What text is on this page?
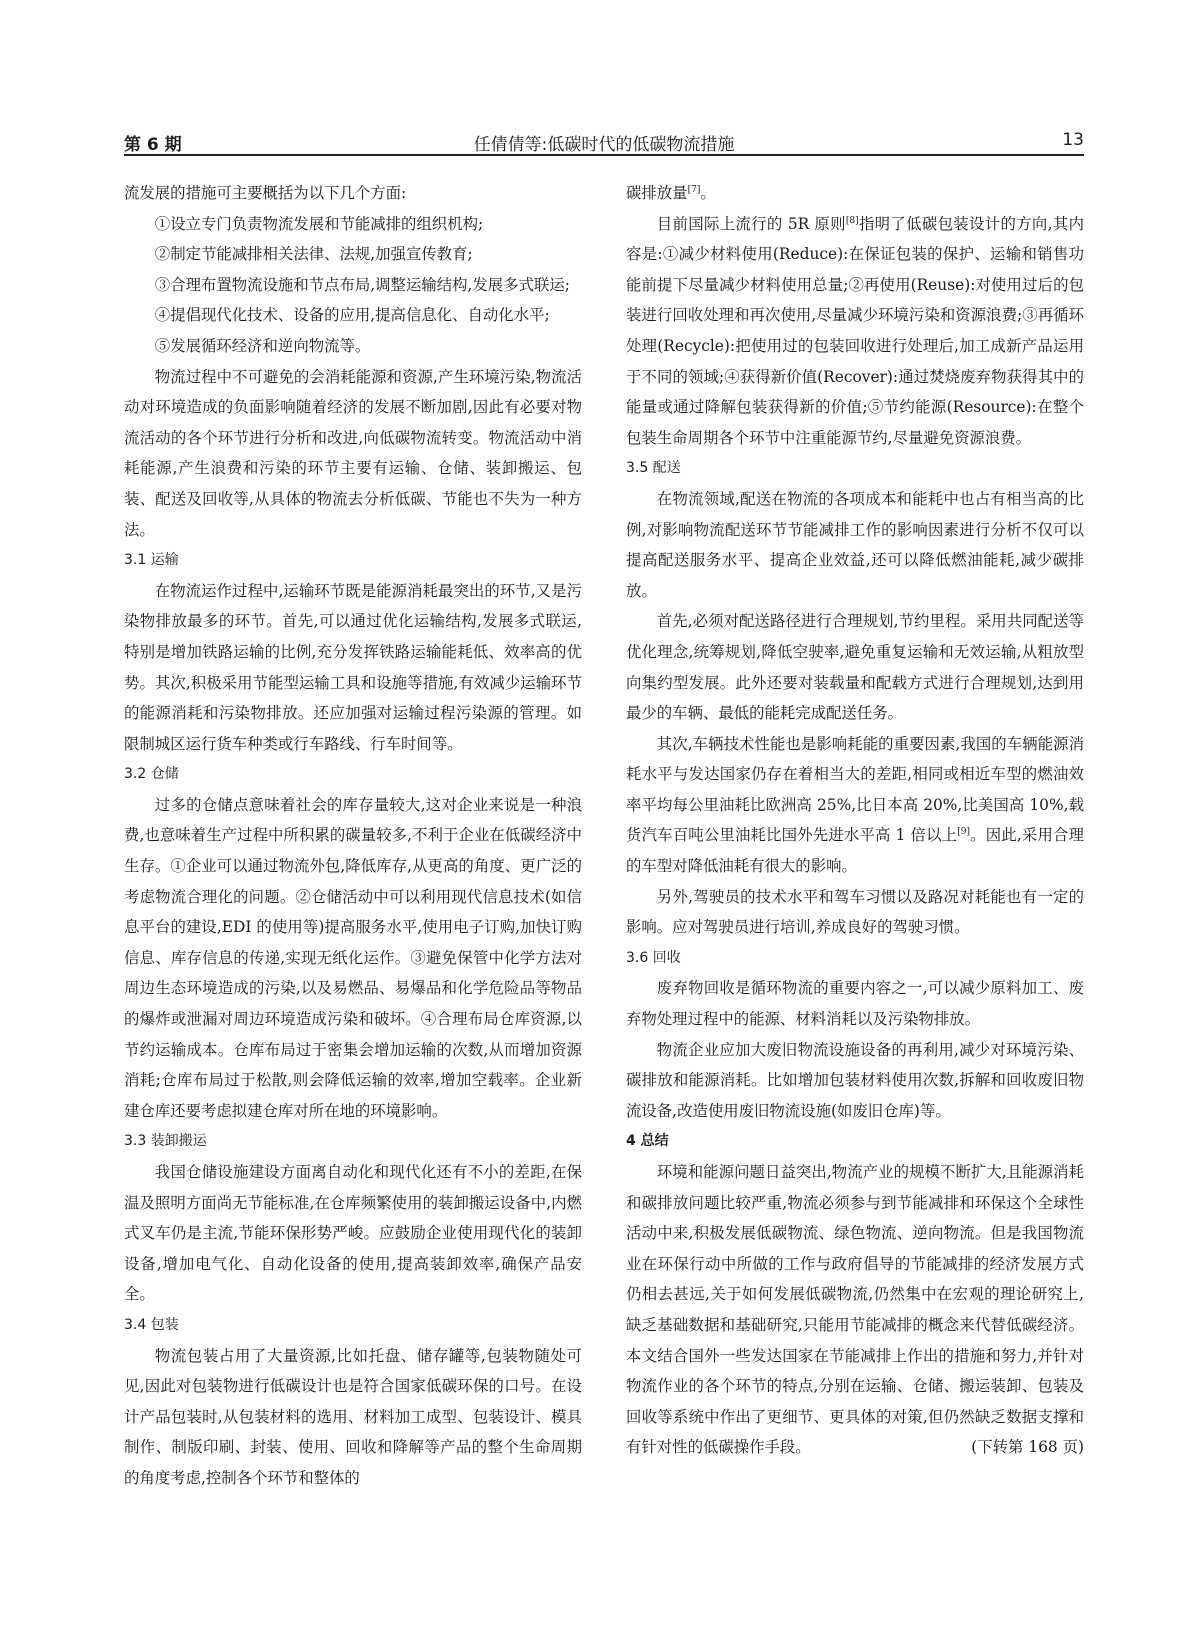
第 6 期	任倩倩等:低碳时代的低碳物流措施	13

流发展的措施可主要概括为以下几个方面:

①设立专门负责物流发展和节能减排的组织机构;

②制定节能减排相关法律、法规,加强宣传教育;

③合理布置物流设施和节点布局,调整运输结构,发展多式联运;

④提倡现代化技术、设备的应用,提高信息化、自动化水平;

⑤发展循环经济和逆向物流等。

物流过程中不可避免的会消耗能源和资源,产生环境污染,物流活动对环境造成的负面影响随着经济的发展不断加剧,因此有必要对物流活动的各个环节进行分析和改进,向低碳物流转变。物流活动中消耗能源,产生浪费和污染的环节主要有运输、仓储、装卸搬运、包装、配送及回收等,从具体的物流去分析低碳、节能也不失为一种方法。

3.1 运输

在物流运作过程中,运输环节既是能源消耗最突出的环节,又是污染物排放最多的环节。首先,可以通过优化运输结构,发展多式联运,特别是增加铁路运输的比例,充分发挥铁路运输能耗低、效率高的优势。其次,积极采用节能型运输工具和设施等措施,有效减少运输环节的能源消耗和污染物排放。还应加强对运输过程污染源的管理。如限制城区运行货车种类或行车路线、行车时间等。

3.2 仓储

过多的仓储点意味着社会的库存量较大,这对企业来说是一种浪费,也意味着生产过程中所积累的碳量较多,不利于企业在低碳经济中生存。①企业可以通过物流外包,降低库存,从更高的角度、更广泛的考虑物流合理化的问题。②仓储活动中可以利用现代信息技术(如信息平台的建设,EDI 的使用等)提高服务水平,使用电子订购,加快订购信息、库存信息的传递,实现无纸化运作。③避免保管中化学方法对周边生态环境造成的污染,以及易燃品、易爆品和化学危险品等物品的爆炸或泄漏对周边环境造成污染和破坏。④合理布局仓库资源,以节约运输成本。仓库布局过于密集会增加运输的次数,从而增加资源消耗;仓库布局过于松散,则会降低运输的效率,增加空载率。企业新建仓库还要考虑拟建仓库对所在地的环境影响。

3.3 装卸搬运

我国仓储设施建设方面离自动化和现代化还有不小的差距,在保温及照明方面尚无节能标准,在仓库频繁使用的装卸搬运设备中,内燃式叉车仍是主流,节能环保形势严峻。应鼓励企业使用现代化的装卸设备,增加电气化、自动化设备的使用,提高装卸效率,确保产品安全。

3.4 包装

物流包装占用了大量资源,比如托盘、储存罐等,包装物随处可见,因此对包装物进行低碳设计也是符合国家低碳环保的口号。在设计产品包装时,从包装材料的选用、材料加工成型、包装设计、模具制作、制版印刷、封装、使用、回收和降解等产品的整个生命周期的角度考虑,控制各个环节和整体的

碳排放量[7]。

目前国际上流行的 5R 原则[8]指明了低碳包装设计的方向,其内容是:①减少材料使用(Reduce):在保证包装的保护、运输和销售功能前提下尽量减少材料使用总量;②再使用(Reuse):对使用过后的包装进行回收处理和再次使用,尽量减少环境污染和资源浪费;③再循环处理(Recycle):把使用过的包装回收进行处理后,加工成新产品运用于不同的领域;④获得新价值(Recover):通过焚烧废弃物获得其中的能量或通过降解包装获得新的价值;⑤节约能源(Resource):在整个包装生命周期各个环节中注重能源节约,尽量避免资源浪费。

3.5 配送

在物流领域,配送在物流的各项成本和能耗中也占有相当高的比例,对影响物流配送环节节能减排工作的影响因素进行分析不仅可以提高配送服务水平、提高企业效益,还可以降低燃油能耗,减少碳排放。

首先,必须对配送路径进行合理规划,节约里程。采用共同配送等优化理念,统筹规划,降低空驶率,避免重复运输和无效运输,从粗放型向集约型发展。此外还要对装载量和配载方式进行合理规划,达到用最少的车辆、最低的能耗完成配送任务。

其次,车辆技术性能也是影响耗能的重要因素,我国的车辆能源消耗水平与发达国家仍存在着相当大的差距,相同或相近车型的燃油效率平均每公里油耗比欧洲高 25%,比日本高 20%,比美国高 10%,载货汽车百吨公里油耗比国外先进水平高 1 倍以上[9]。因此,采用合理的车型对降低油耗有很大的影响。

另外,驾驶员的技术水平和驾车习惯以及路况对耗能也有一定的影响。应对驾驶员进行培训,养成良好的驾驶习惯。

3.6 回收

废弃物回收是循环物流的重要内容之一,可以减少原料加工、废弃物处理过程中的能源、材料消耗以及污染物排放。

物流企业应加大废旧物流设施设备的再利用,减少对环境污染、碳排放和能源消耗。比如增加包装材料使用次数,拆解和回收废旧物流设备,改造使用废旧物流设施(如废旧仓库)等。

4 总结

环境和能源问题日益突出,物流产业的规模不断扩大,且能源消耗和碳排放问题比较严重,物流必须参与到节能减排和环保这个全球性活动中来,积极发展低碳物流、绿色物流、逆向物流。但是我国物流业在环保行动中所做的工作与政府倡导的节能减排的经济发展方式仍相去甚远,关于如何发展低碳物流,仍然集中在宏观的理论研究上,缺乏基础数据和基础研究,只能用节能减排的概念来代替低碳经济。本文结合国外一些发达国家在节能减排上作出的措施和努力,并针对物流作业的各个环节的特点,分别在运输、仓储、搬运装卸、包装及回收等系统中作出了更细节、更具体的对策,但仍然缺乏数据支撑和有针对性的低碳操作手段。	(下转第 168 页)
